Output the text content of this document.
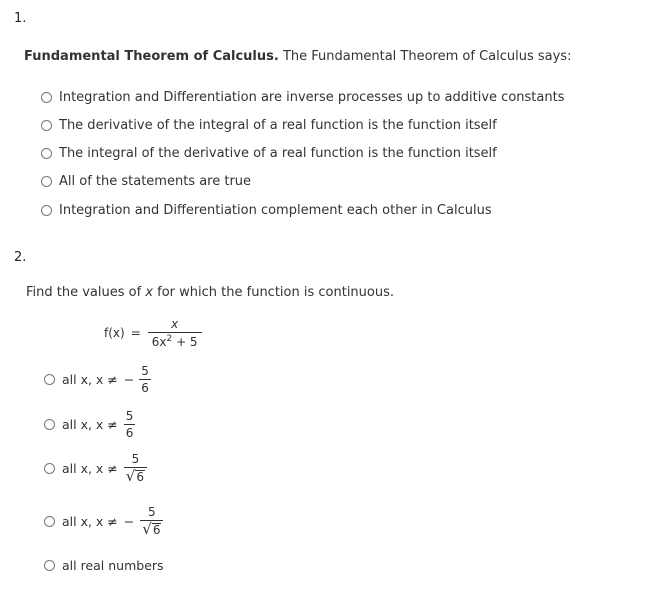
1.
Fundamental Theorem of Calculus. The Fundamental Theorem of Calculus says:
Integration and Differentiation are inverse processes up to additive constants
The derivative of the integral of a real function is the function itself
The integral of the derivative of a real function is the function itself
All of the statements are true
Integration and Differentiation complement each other in Calculus
2.
Find the values of x for which the function is continuous.
$f(x) = \frac{x}{6x^2 + 5}$
all x, x ≠ − $\frac{5}{6}$
all x, $x \ne \frac{5}{6}$
all x, $x \ne \frac{5}{√ 6}$
all x, x ≠ − $\frac{5}{√ 6}$
all real numbers
